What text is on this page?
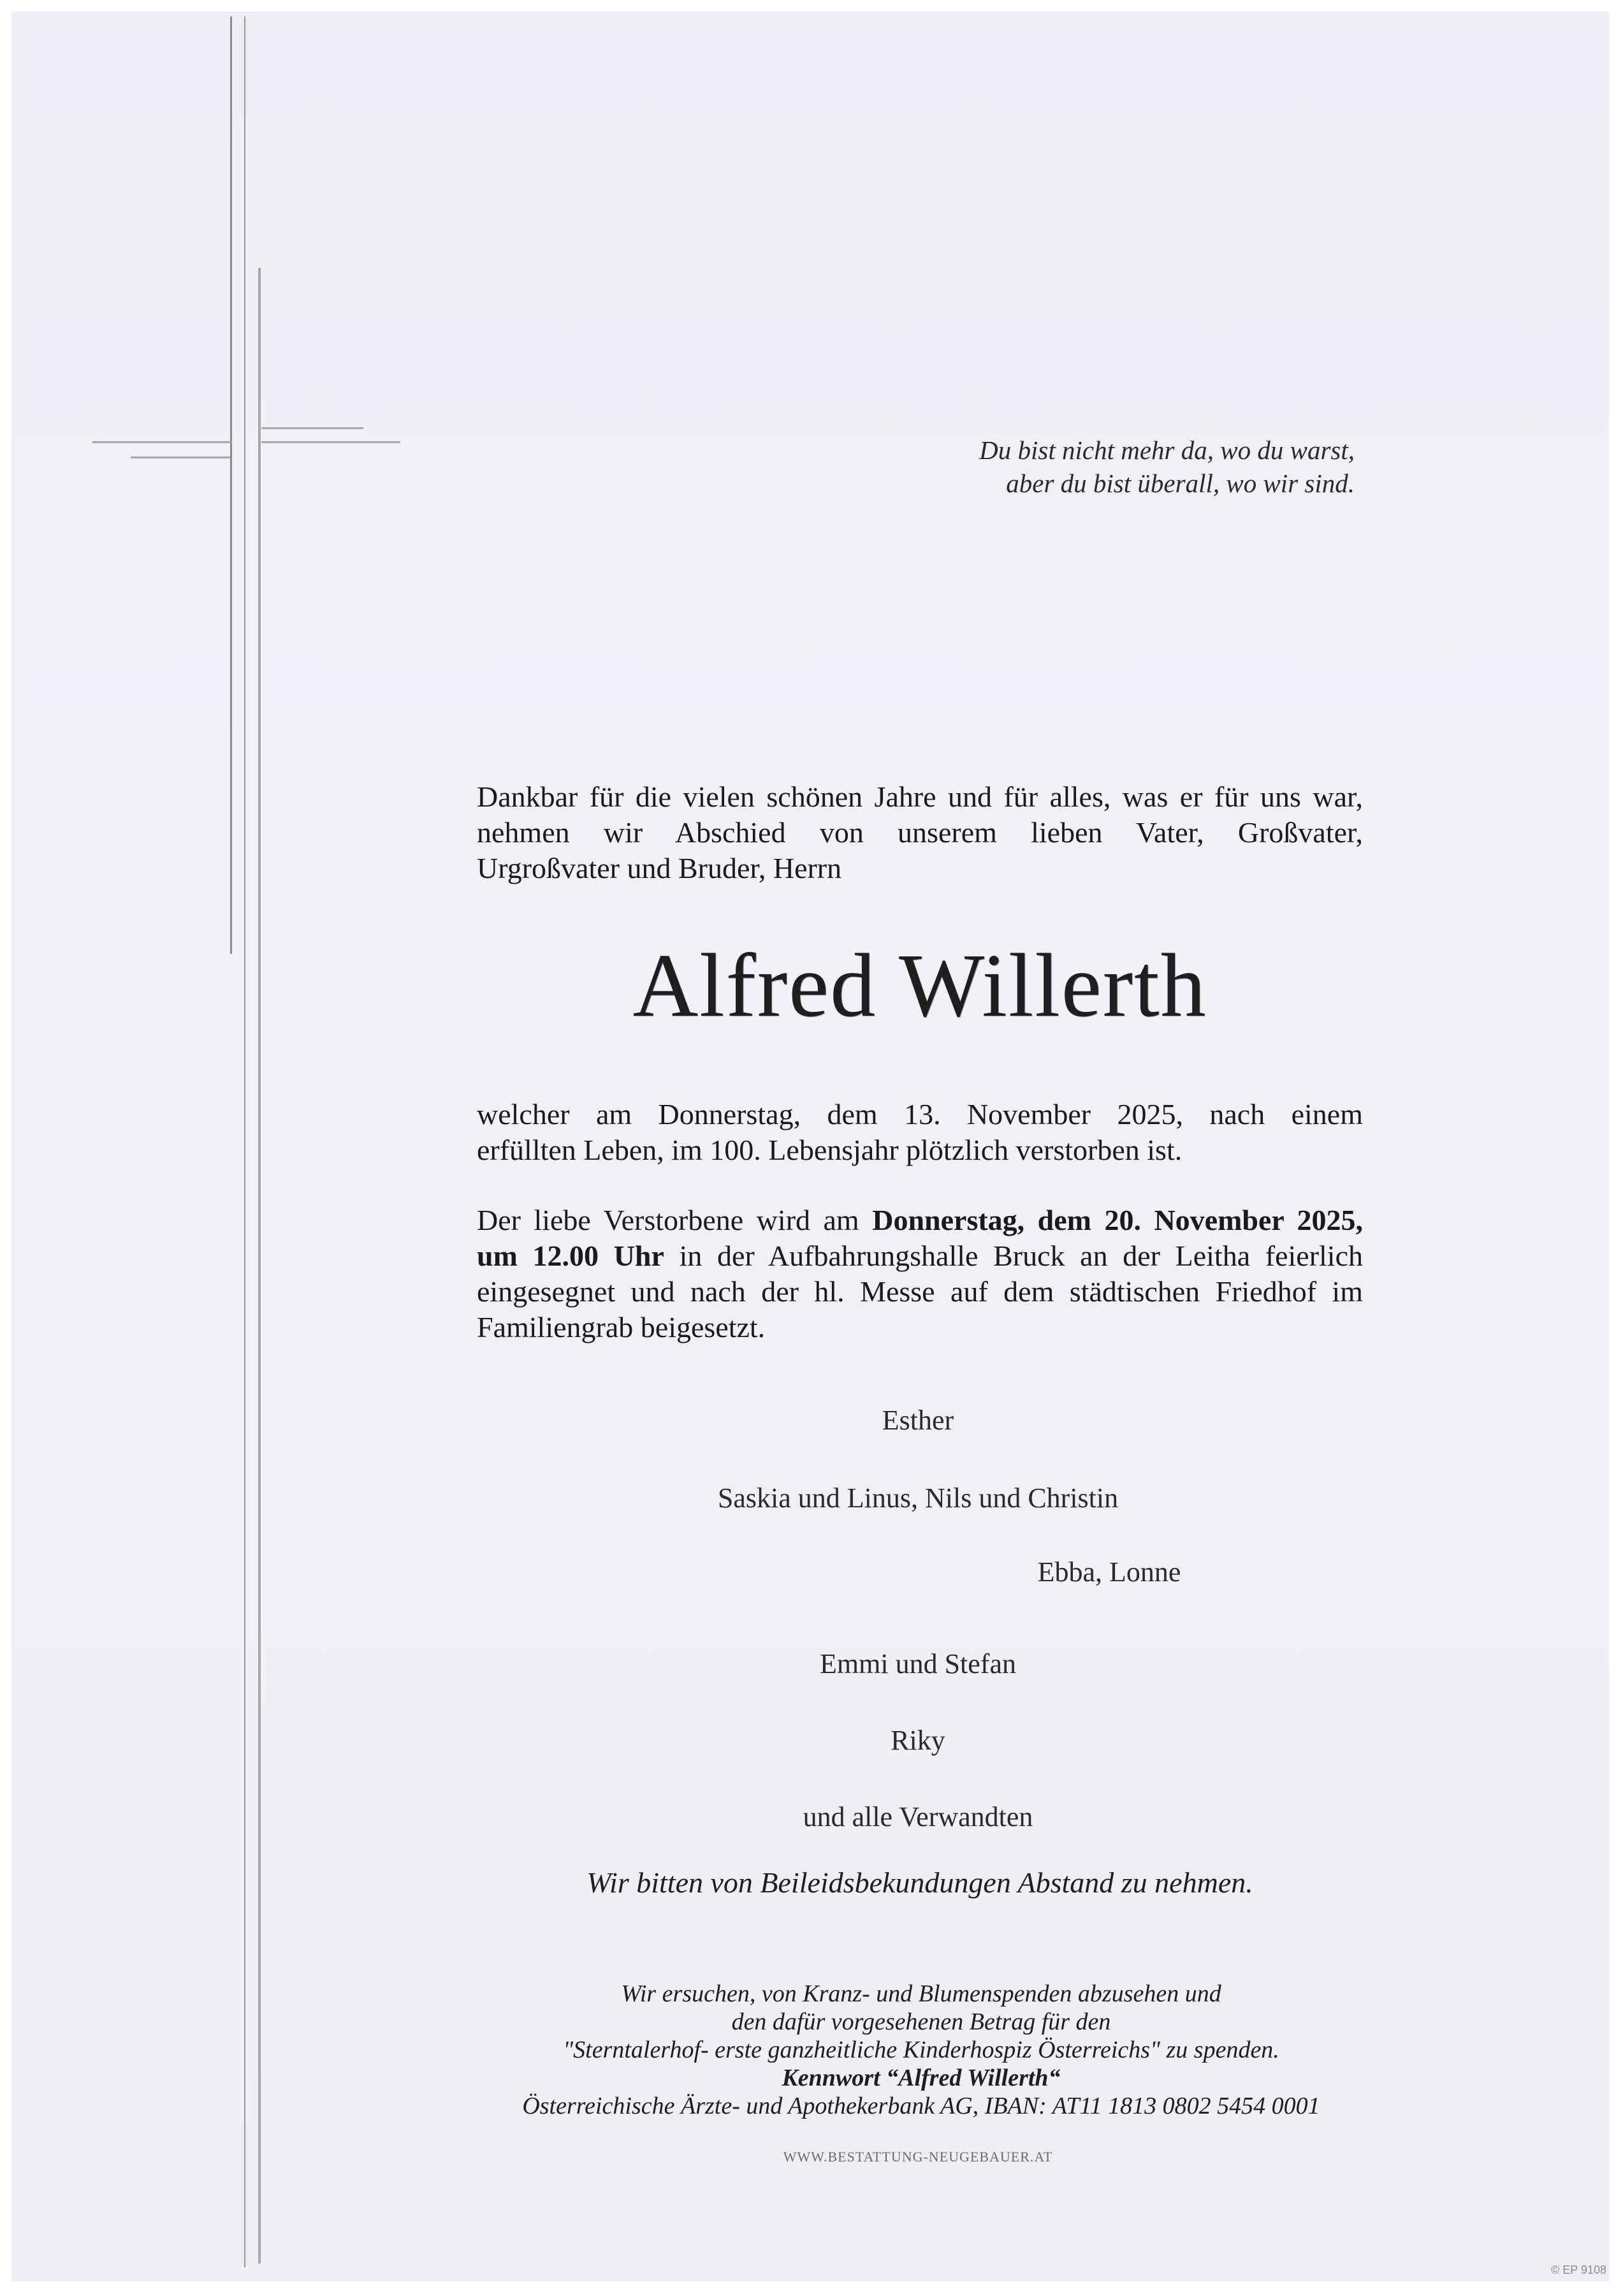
Du bist nicht mehr da, wo du warst,
aber du bist überall, wo wir sind.
Dankbar für die vielen schönen Jahre und für alles, was er für uns war,
nehmen wir Abschied von unserem lieben Vater, Großvater,
Urgroßvater und Bruder, Herrn
Alfred Willerth
welcher am Donnerstag, dem 13. November 2025, nach einem
erfüllten Leben, im 100. Lebensjahr plötzlich verstorben ist.
Der liebe Verstorbene wird am Donnerstag, dem 20. November 2025,
um 12.00 Uhr in der Aufbahrungshalle Bruck an der Leitha feierlich
eingesegnet und nach der hl. Messe auf dem städtischen Friedhof im
Familiengrab beigesetzt.
Esther
Saskia und Linus, Nils und Christin
Ebba, Lonne
Emmi und Stefan
Riky
und alle Verwandten
Wir bitten von Beileidsbekundungen Abstand zu nehmen.
Wir ersuchen, von Kranz- und Blumenspenden abzusehen und
den dafür vorgesehenen Betrag für den
"Sterntalerhof- erste ganzheitliche Kinderhospiz Österreichs" zu spenden.
Kennwort “Alfred Willerth“
Österreichische Ärzte- und Apothekerbank AG, IBAN: AT11 1813 0802 5454 0001
WWW.BESTATTUNG-NEUGEBAUER.AT
© EP 9108
